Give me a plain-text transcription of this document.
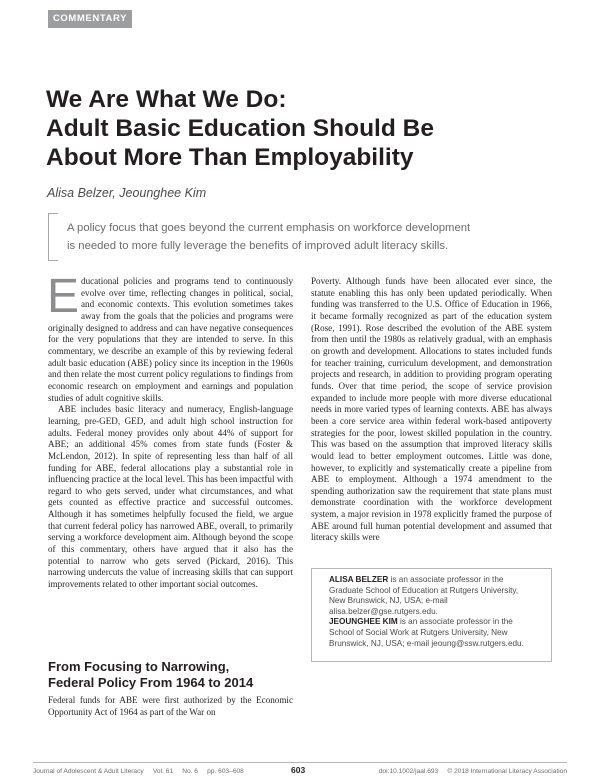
COMMENTARY
We Are What We Do:
Adult Basic Education Should Be
About More Than Employability
Alisa Belzer, Jeounghee Kim
A policy focus that goes beyond the current emphasis on workforce development
is needed to more fully leverage the benefits of improved adult literacy skills.

Educational policies and programs tend to continuously evolve over time, reflecting changes in political, social, and economic contexts. This evolution sometimes takes away from the goals that the policies and programs were originally designed to address and can have negative consequences for the very populations that they are intended to serve. In this commentary, we describe an example of this by reviewing federal adult basic education (ABE) policy since its inception in the 1960s and then relate the most current policy regulations to findings from economic research on employment and earnings and population studies of adult cognitive skills.

ABE includes basic literacy and numeracy, English-language learning, pre-GED, GED, and adult high school instruction for adults. Federal money provides only about 44% of support for ABE; an additional 45% comes from state funds (Foster & McLendon, 2012). In spite of representing less than half of all funding for ABE, federal allocations play a substantial role in influencing practice at the local level. This has been impactful with regard to who gets served, under what circumstances, and what gets counted as effective practice and successful outcomes. Although it has sometimes helpfully focused the field, we argue that current federal policy has narrowed ABE, overall, to primarily serving a workforce development aim. Although beyond the scope of this commentary, others have argued that it also has the potential to narrow who gets served (Pickard, 2016). This narrowing undercuts the value of increasing skills that can support improvements related to other important social outcomes.

From Focusing to Narrowing,
Federal Policy From 1964 to 2014

Federal funds for ABE were first authorized by the Economic Opportunity Act of 1964 as part of the War on

Poverty. Although funds have been allocated ever since, the statute enabling this has only been updated periodically. When funding was transferred to the U.S. Office of Education in 1966, it became formally recognized as part of the education system (Rose, 1991). Rose described the evolution of the ABE system from then until the 1980s as relatively gradual, with an emphasis on growth and development. Allocations to states included funds for teacher training, curriculum development, and demonstration projects and research, in addition to providing program operating funds. Over that time period, the scope of service provision expanded to include more people with more diverse educational needs in more varied types of learning contexts. ABE has always been a core service area within federal work-based antipoverty strategies for the poor, lowest skilled population in the country. This was based on the assumption that improved literacy skills would lead to better employment outcomes. Little was done, however, to explicitly and systematically create a pipeline from ABE to employment. Although a 1974 amendment to the spending authorization saw the requirement that state plans must demonstrate coordination with the workforce development system, a major revision in 1978 explicitly framed the purpose of ABE around full human potential development and assumed that literacy skills were

ALISA BELZER is an associate professor in the Graduate School of Education at Rutgers University, New Brunswick, NJ, USA; e-mail alisa.belzer@gse.rutgers.edu.

JEOUNGHEE KIM is an associate professor in the School of Social Work at Rutgers University, New Brunswick, NJ, USA; e-mail jeoung@ssw.rutgers.edu.

Journal of Adolescent & Adult Literacy Vol. 61 No. 6 pp. 603–608	603	doi:10.1002/jaal.693 © 2018 International Literacy Association
